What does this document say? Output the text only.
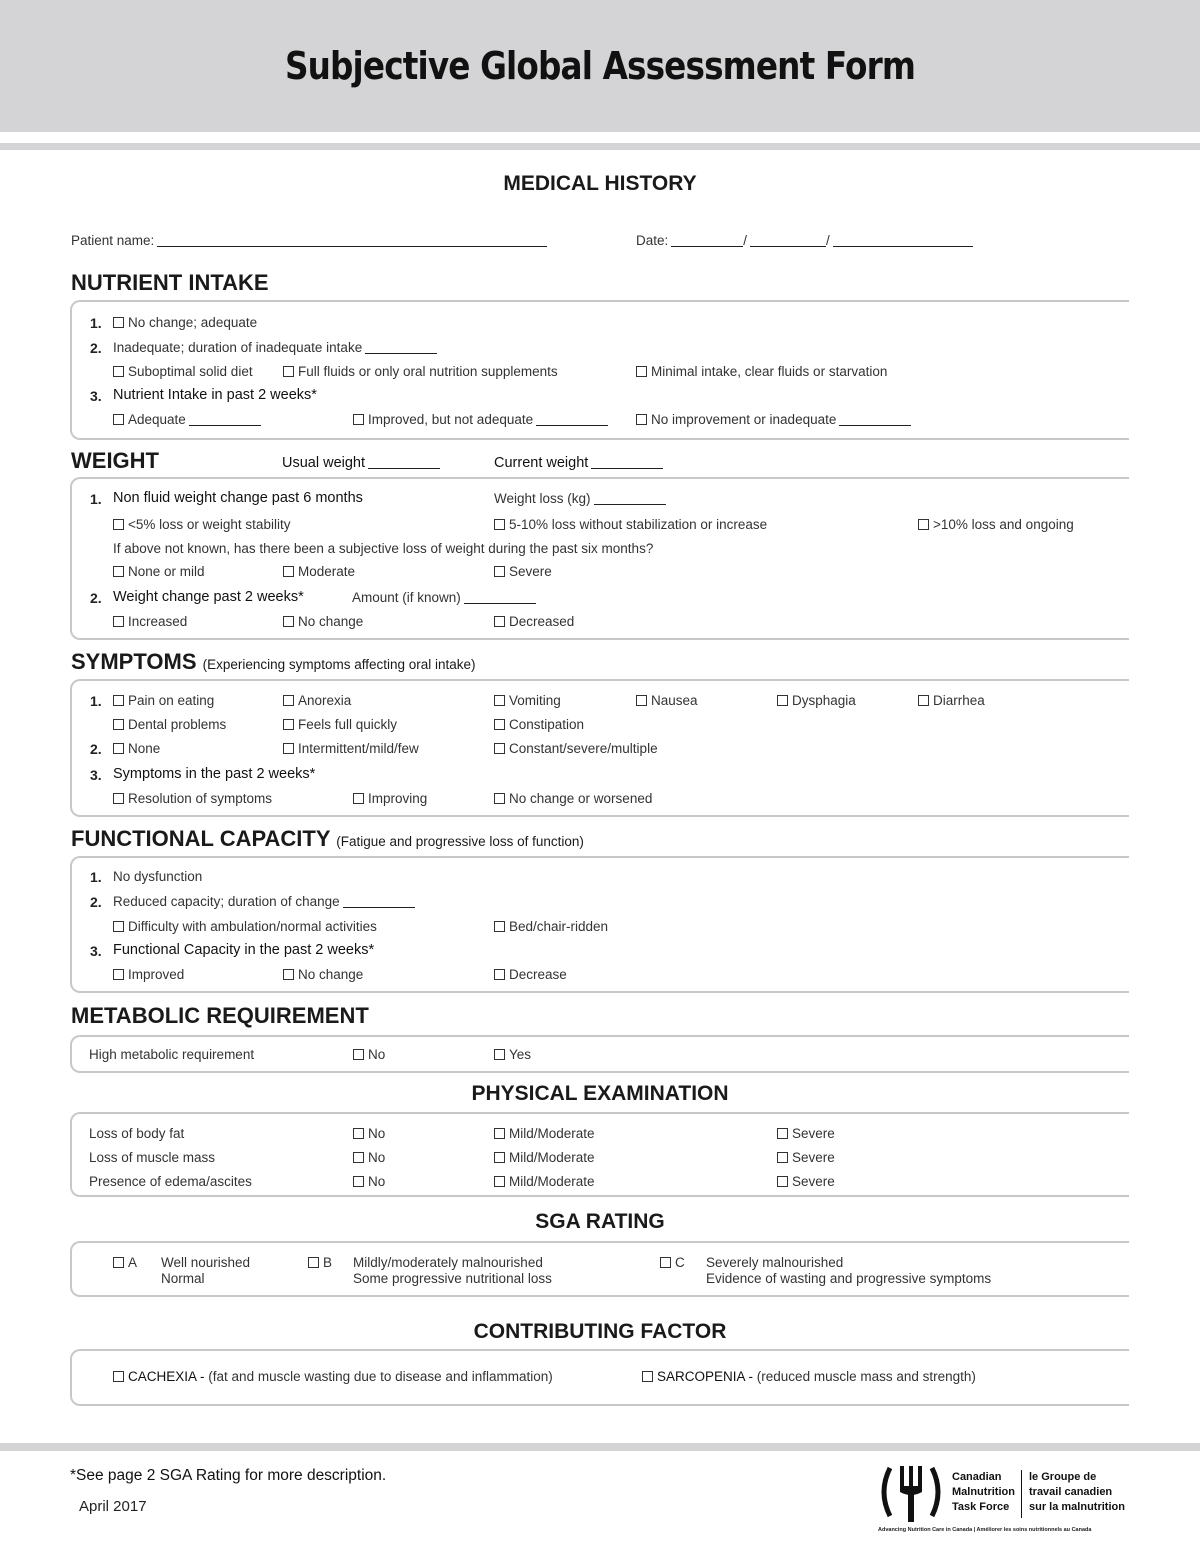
Subjective Global Assessment Form
MEDICAL HISTORY
Patient name:	Date:	/	/
NUTRIENT INTAKE
1.	No change; adequate
2. Inadequate; duration of inadequate intake
Suboptimal solid diet	Full fluids or only oral nutrition supplements	Minimal intake, clear fluids or starvation
3. Nutrient Intake in past 2 weeks*
Adequate	Improved, but not adequate	No improvement or inadequate
WEIGHT	Usual weight	Current weight
1. Non fluid weight change past 6 months	Weight loss (kg)
<5% loss or weight stability	5-10% loss without stabilization or increase	>10% loss and ongoing
If above not known, has there been a subjective loss of weight during the past six months?
None or mild	Moderate	Severe
2. Weight change past 2 weeks*	Amount (if known)
Increased	No change	Decreased
SYMPTOMS (Experiencing symptoms affecting oral intake)
1.	Pain on eating	Anorexia	Vomiting	Nausea	Dysphagia	Diarrhea
Dental problems	Feels full quickly	Constipation
2.	None	Intermittent/mild/few	Constant/severe/multiple
3. Symptoms in the past 2 weeks*
Resolution of symptoms	Improving	No change or worsened
FUNCTIONAL CAPACITY (Fatigue and progressive loss of function)
1. No dysfunction
2. Reduced capacity; duration of change
Difficulty with ambulation/normal activities	Bed/chair-ridden
3. Functional Capacity in the past 2 weeks*
Improved	No change	Decrease
METABOLIC REQUIREMENT
High metabolic requirement	No	Yes
PHYSICAL EXAMINATION
Loss of body fat	No	Mild/Moderate	Severe
Loss of muscle mass	No	Mild/Moderate	Severe
Presence of edema/ascites	No	Mild/Moderate	Severe
SGA RATING
A Well nourished
Normal
B Mildly/moderately malnourished
Some progressive nutritional loss
C Severely malnourished
Evidence of wasting and progressive symptoms
CONTRIBUTING FACTOR
CACHEXIA - (fat and muscle wasting due to disease and inflammation)	SARCOPENIA - (reduced muscle mass and strength)
*See page 2 SGA Rating for more description.
April 2017
Canadian
Malnutrition
Task Force
le Groupe de
travail canadien
sur la malnutrition
Advancing Nutrition Care in Canada | Améliorer les soins nutritionnels au Canada
